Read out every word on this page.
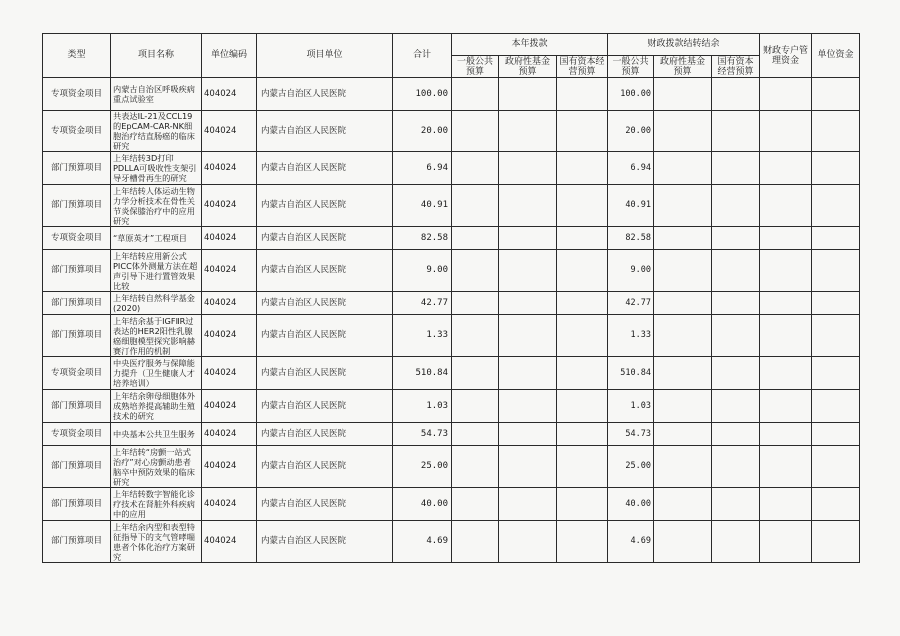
类型	项目名称	单位编码	项目单位	合计	本年拨款			财政拨款结转结余			财政专户管理资金	单位资金
					一般公共预算	政府性基金预算	国有资本经营预算	一般公共预算	政府性基金预算	国有资本经营预算		
专项资金项目	内蒙古自治区呼吸疾病重点试验室	404024	内蒙古自治区人民医院	100.00				100.00				
专项资金项目	共表达IL-21及CCL19的EpCAM-CAR-NK细胞治疗结直肠癌的临床研究	404024	内蒙古自治区人民医院	20.00				20.00				
部门预算项目	上年结转3D打印PDLLA可吸收性支架引导牙槽骨再生的研究	404024	内蒙古自治区人民医院	6.94				6.94				
部门预算项目	上年结转人体运动生物力学分析技术在骨性关节炎保膝治疗中的应用研究	404024	内蒙古自治区人民医院	40.91				40.91				
专项资金项目	“草原英才”工程项目	404024	内蒙古自治区人民医院	82.58				82.58				
部门预算项目	上年结转应用新公式PICC体外测量方法在超声引导下进行置管效果比较	404024	内蒙古自治区人民医院	9.00				9.00				
部门预算项目	上年结转自然科学基金(2020)	404024	内蒙古自治区人民医院	42.77				42.77				
部门预算项目	上年结余基于IGFⅡR过表达的HER2阳性乳腺癌细胞模型探究影响赫赛汀作用的机制	404024	内蒙古自治区人民医院	1.33				1.33				
专项资金项目	中央医疗服务与保障能力提升（卫生健康人才培养培训）	404024	内蒙古自治区人民医院	510.84				510.84				
部门预算项目	上年结余卵母细胞体外成熟培养提高辅助生殖技术的研究	404024	内蒙古自治区人民医院	1.03				1.03				
专项资金项目	中央基本公共卫生服务	404024	内蒙古自治区人民医院	54.73				54.73				
部门预算项目	上年结转“房颤一站式治疗”对心房颤动患者脑卒中预防效果的临床研究	404024	内蒙古自治区人民医院	25.00				25.00				
部门预算项目	上年结转数字智能化诊疗技术在肾脏外科疾病中的应用	404024	内蒙古自治区人民医院	40.00				40.00				
部门预算项目	上年结余内型和表型特征指导下的支气管哮喘患者个体化治疗方案研究	404024	内蒙古自治区人民医院	4.69				4.69				
